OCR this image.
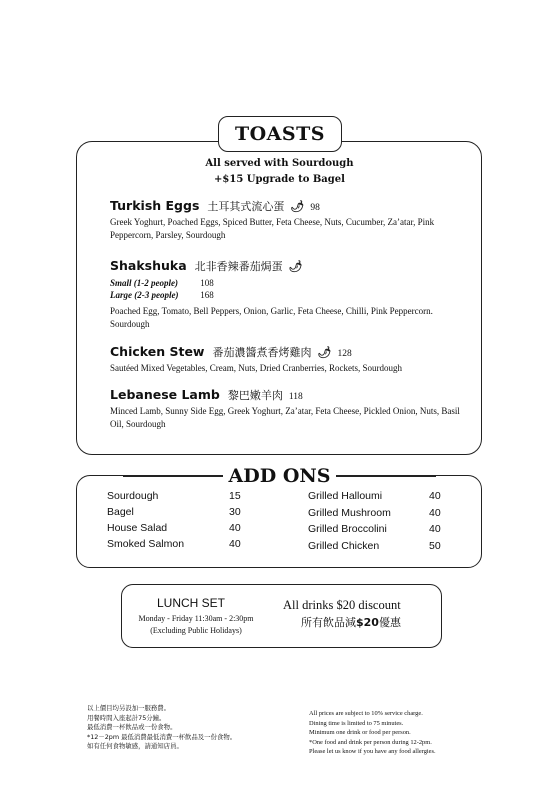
TOASTS
All served with Sourdough
+$15 Upgrade to Bagel
Turkish Eggs 土耳其式流心蛋 🌶 98
Greek Yoghurt, Poached Eggs, Spiced Butter, Feta Cheese, Nuts, Cucumber, Za’atar, Pink Peppercorn, Parsley, Sourdough
Shakshuka 北非香辣番茄焗蛋 🌶
Small (1-2 people) 108
Large (2-3 people) 168
Poached Egg, Tomato, Bell Peppers, Onion, Garlic, Feta Cheese, Chilli, Pink Peppercorn. Sourdough
Chicken Stew 番茄濃醬煮香烤雞肉 🌶 128
Sautéed Mixed Vegetables, Cream, Nuts, Dried Cranberries, Rockets, Sourdough
Lebanese Lamb 黎巴嫩羊肉 118
Minced Lamb, Sunny Side Egg, Greek Yoghurt, Za’atar, Feta Cheese, Pickled Onion, Nuts, Basil Oil, Sourdough
ADD ONS
Sourdough	15
Bagel	30
House Salad	40
Smoked Salmon	40
Grilled Halloumi	40
Grilled Mushroom	40
Grilled Broccolini	40
Grilled Chicken	50
LUNCH SET
Monday - Friday 11:30am - 2:30pm
(Excluding Public Holidays)
All drinks $20 discount
所有飲品減$20優惠
以上價目均另設加一服務費。
用餐時間入座起計75分鐘。
最低消費一杯飲品或一份食物。
*12－2pm 最低消費最低消費一杯飲品及一份食物。
如有任何食物敏感，請通知店員。
All prices are subject to 10% service charge.
Dining time is limited to 75 minutes.
Minimum one drink or food per person.
*One food and drink per person during 12-2pm.
Please let us know if you have any food allergies.
